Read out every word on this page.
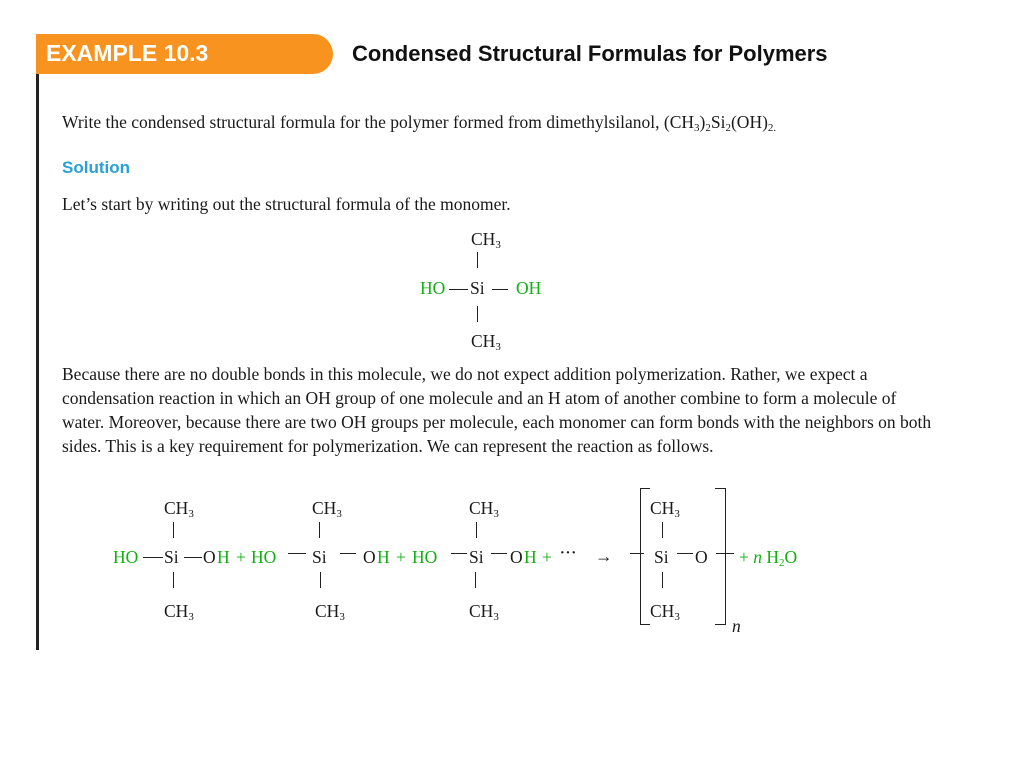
EXAMPLE 10.3	Condensed Structural Formulas for Polymers
Write the condensed structural formula for the polymer formed from dimethylsilanol, $(CH_3)_2Si_2(OH)_{2.}$
Solution
Let’s start by writing out the structural formula of the monomer.
$CH_3$
HO Si OH
$CH_3$
Because there are no double bonds in this molecule, we do not expect addition polymerization. Rather, we expect a condensation reaction in which an OH group of one molecule and an H atom of another combine to form a molecule of water. Moreover, because there are two OH groups per molecule, each monomer can form bonds with the neighbors on both sides. This is a key requirement for polymerization. We can represent the reaction as follows.
$CH_3$
HO Si O H
$CH_3$
+
$CH_3$
HO Si O H
$CH_3$
+
$CH_3$
HO Si O H
$CH_3$
+ ··· →
$CH_3$
Si O
$CH_3$	n
+ n $H_2O$
